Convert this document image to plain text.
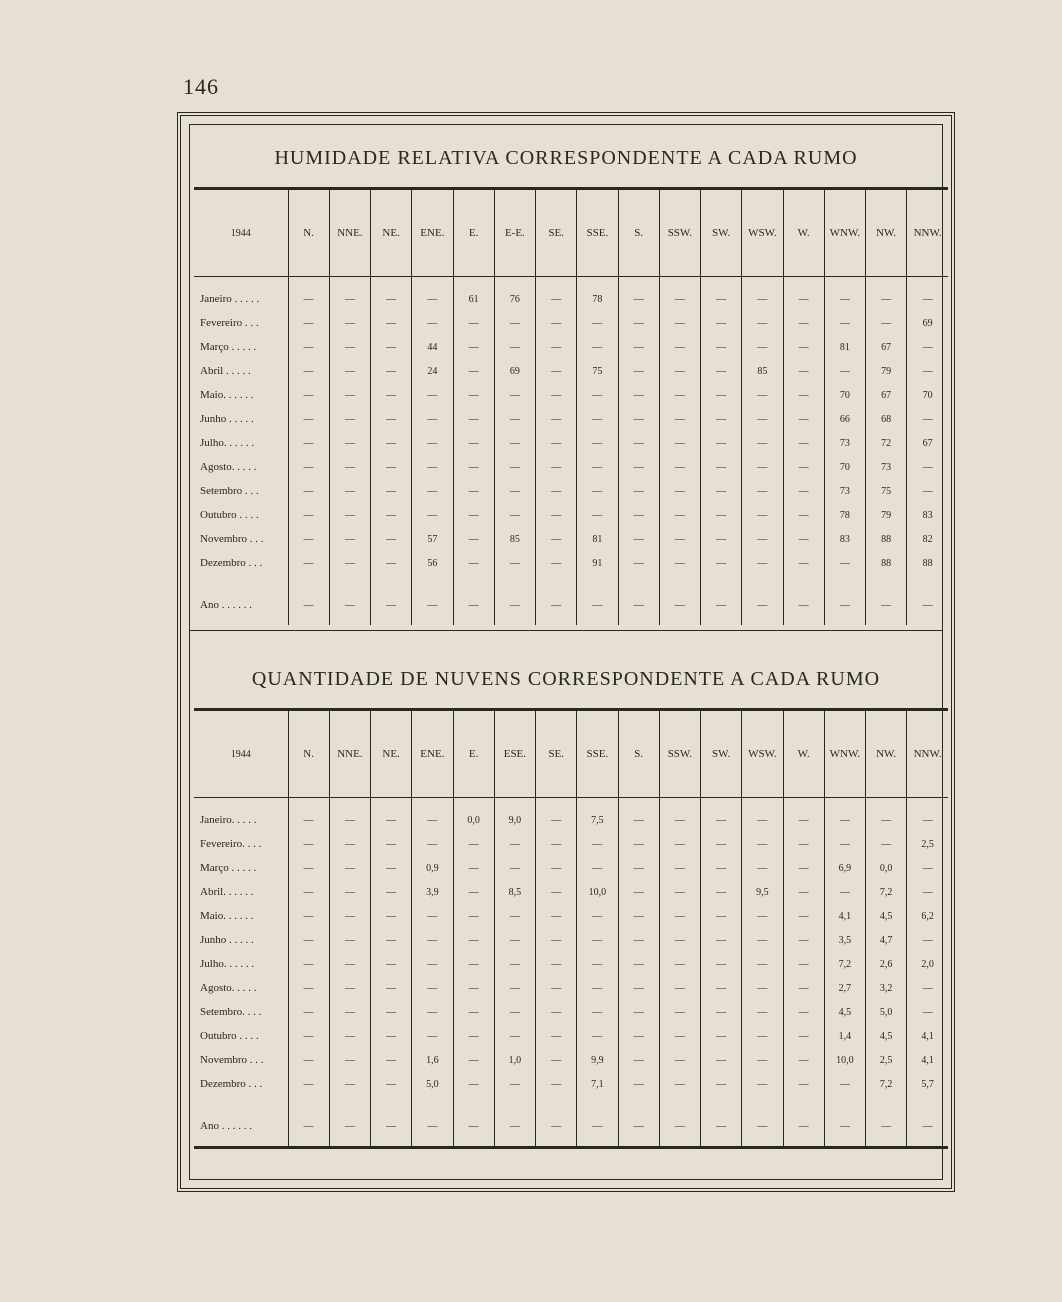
146
HUMIDADE RELATIVA CORRESPONDENTE A CADA RUMO
1944	N.	NNE.	NE.	ENE.	E.	E-E.	SE.	SSE.	S.	SSW.	SW.	WSW.	W.	WNW.	NW.	NNW.
Janeiro . . . . .	—	—	—	—	61	76	—	78	—	—	—	—	—	—	—	—
Fevereiro . . .	—	—	—	—	—	—	—	—	—	—	—	—	—	—	—	69
Março . . . . .	—	—	—	44	—	—	—	—	—	—	—	—	—	81	67	—
Abril . . . . .	—	—	—	24	—	69	—	75	—	—	—	85	—	—	79	—
Maio. . . . . .	—	—	—	—	—	—	—	—	—	—	—	—	—	70	67	70
Junho . . . . .	—	—	—	—	—	—	—	—	—	—	—	—	—	66	68	—
Julho. . . . . .	—	—	—	—	—	—	—	—	—	—	—	—	—	73	72	67
Agosto. . . . .	—	—	—	—	—	—	—	—	—	—	—	—	—	70	73	—
Setembro . . .	—	—	—	—	—	—	—	—	—	—	—	—	—	73	75	—
Outubro . . . .	—	—	—	—	—	—	—	—	—	—	—	—	—	78	79	83
Novembro . . .	—	—	—	57	—	85	—	81	—	—	—	—	—	83	88	82
Dezembro . . .	—	—	—	56	—	—	—	91	—	—	—	—	—	—	88	88
Ano . . . . . .	—	—	—	—	—	—	—	—	—	—	—	—	—	—	—	—
QUANTIDADE DE NUVENS CORRESPONDENTE A CADA RUMO
1944	N.	NNE.	NE.	ENE.	E.	ESE.	SE.	SSE.	S.	SSW.	SW.	WSW.	W.	WNW.	NW.	NNW.
Janeiro. . . . .	—	—	—	—	0,0	9,0	—	7,5	—	—	—	—	—	—	—	—
Fevereiro. . . .	—	—	—	—	—	—	—	—	—	—	—	—	—	—	—	2,5
Março . . . . .	—	—	—	0,9	—	—	—	—	—	—	—	—	—	6,9	0,0	—
Abril. . . . . .	—	—	—	3,9	—	8,5	—	10,0	—	—	—	9,5	—	—	7,2	—
Maio. . . . . .	—	—	—	—	—	—	—	—	—	—	—	—	—	4,1	4,5	6,2
Junho . . . . .	—	—	—	—	—	—	—	—	—	—	—	—	—	3,5	4,7	—
Julho. . . . . .	—	—	—	—	—	—	—	—	—	—	—	—	—	7,2	2,6	2,0
Agosto. . . . .	—	—	—	—	—	—	—	—	—	—	—	—	—	2,7	3,2	—
Setembro. . . .	—	—	—	—	—	—	—	—	—	—	—	—	—	4,5	5,0	—
Outubro . . . .	—	—	—	—	—	—	—	—	—	—	—	—	—	1,4	4,5	4,1
Novembro . . .	—	—	—	1,6	—	1,0	—	9,9	—	—	—	—	—	10,0	2,5	4,1
Dezembro . . .	—	—	—	5,0	—	—	—	7,1	—	—	—	—	—	—	7,2	5,7
Ano . . . . . .	—	—	—	—	—	—	—	—	—	—	—	—	—	—	—	—
